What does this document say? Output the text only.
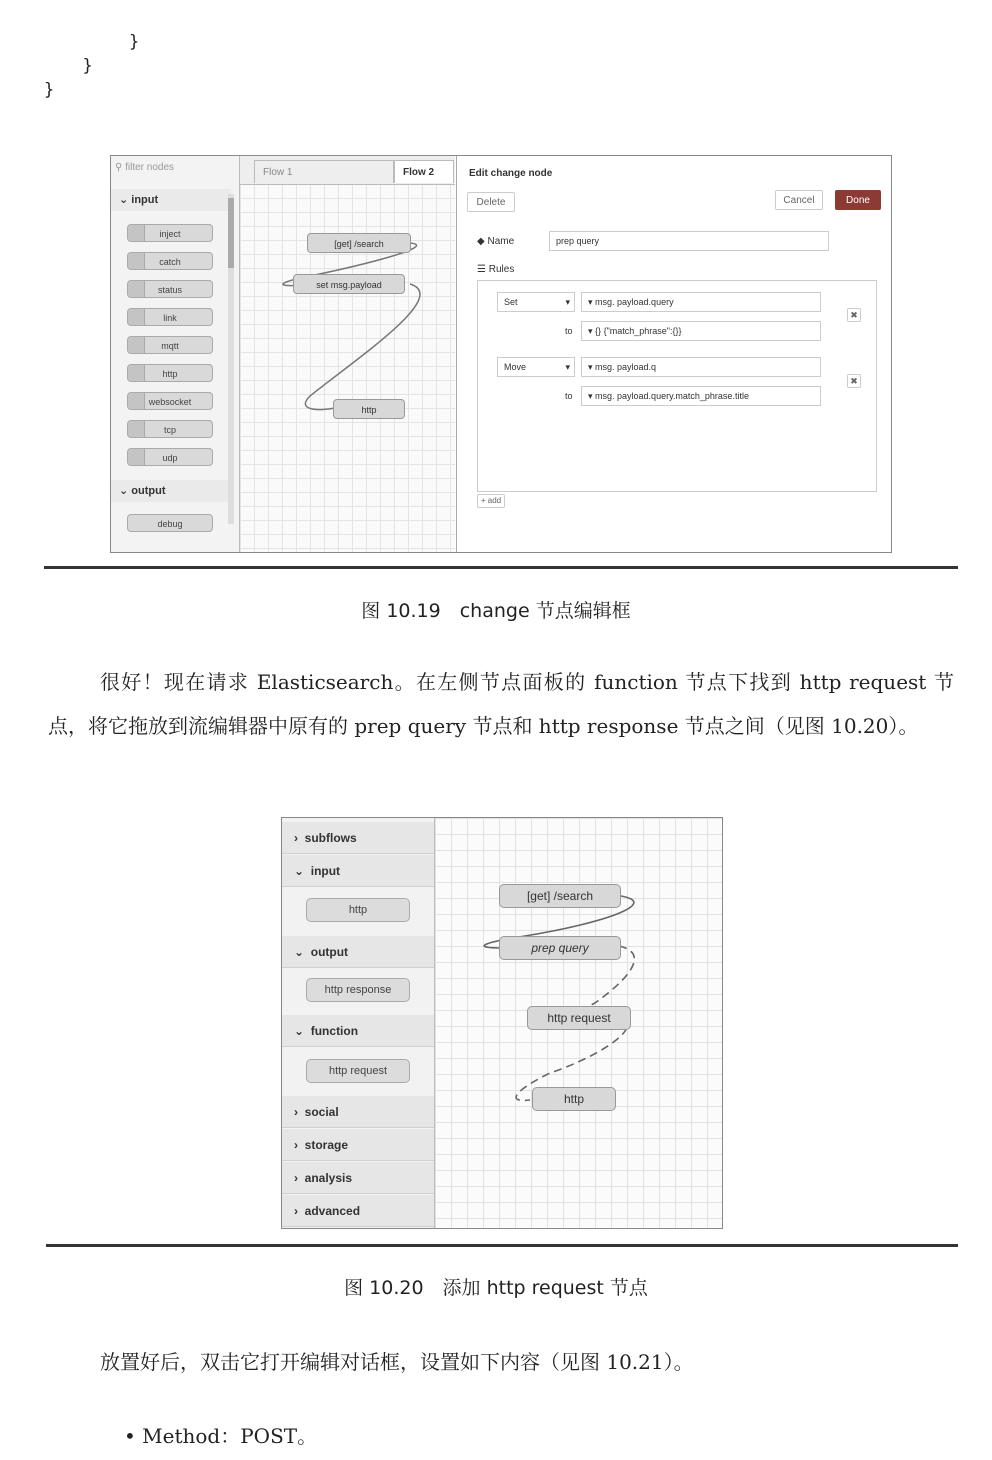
}
}
}
⚲ filter nodes
⌄ input
inject
catch
status
link
mqtt
http
websocket
tcp
udp
⌄ output
debug
Flow 1	Flow 2
[get] /search
set msg.payload
http
Edit change node
Delete	Cancel	Done
◆ Name	prep query
☰ Rules
Set	▾	▾ msg. payload.query
to	▾ {} {"match_phrase":{}}
✖
Move	▾	▾ msg. payload.q
to	▾ msg. payload.query.match_phrase.title
✖
+ add
图 10.19　change 节点编辑框
很好！现在请求 Elasticsearch。在左侧节点面板的 function 节点下找到 http request 节点，将它拖放到流编辑器中原有的 prep query 节点和 http response 节点之间（见图 10.20）。
›  subflows
⌄  input
http
⌄  output
http response
⌄  function
http request
›  social
›  storage
›  analysis
›  advanced
[get] /search
prep query
http request
http
图 10.20　添加 http request 节点
放置好后，双击它打开编辑对话框，设置如下内容（见图 10.21）。
• Method：POST。
